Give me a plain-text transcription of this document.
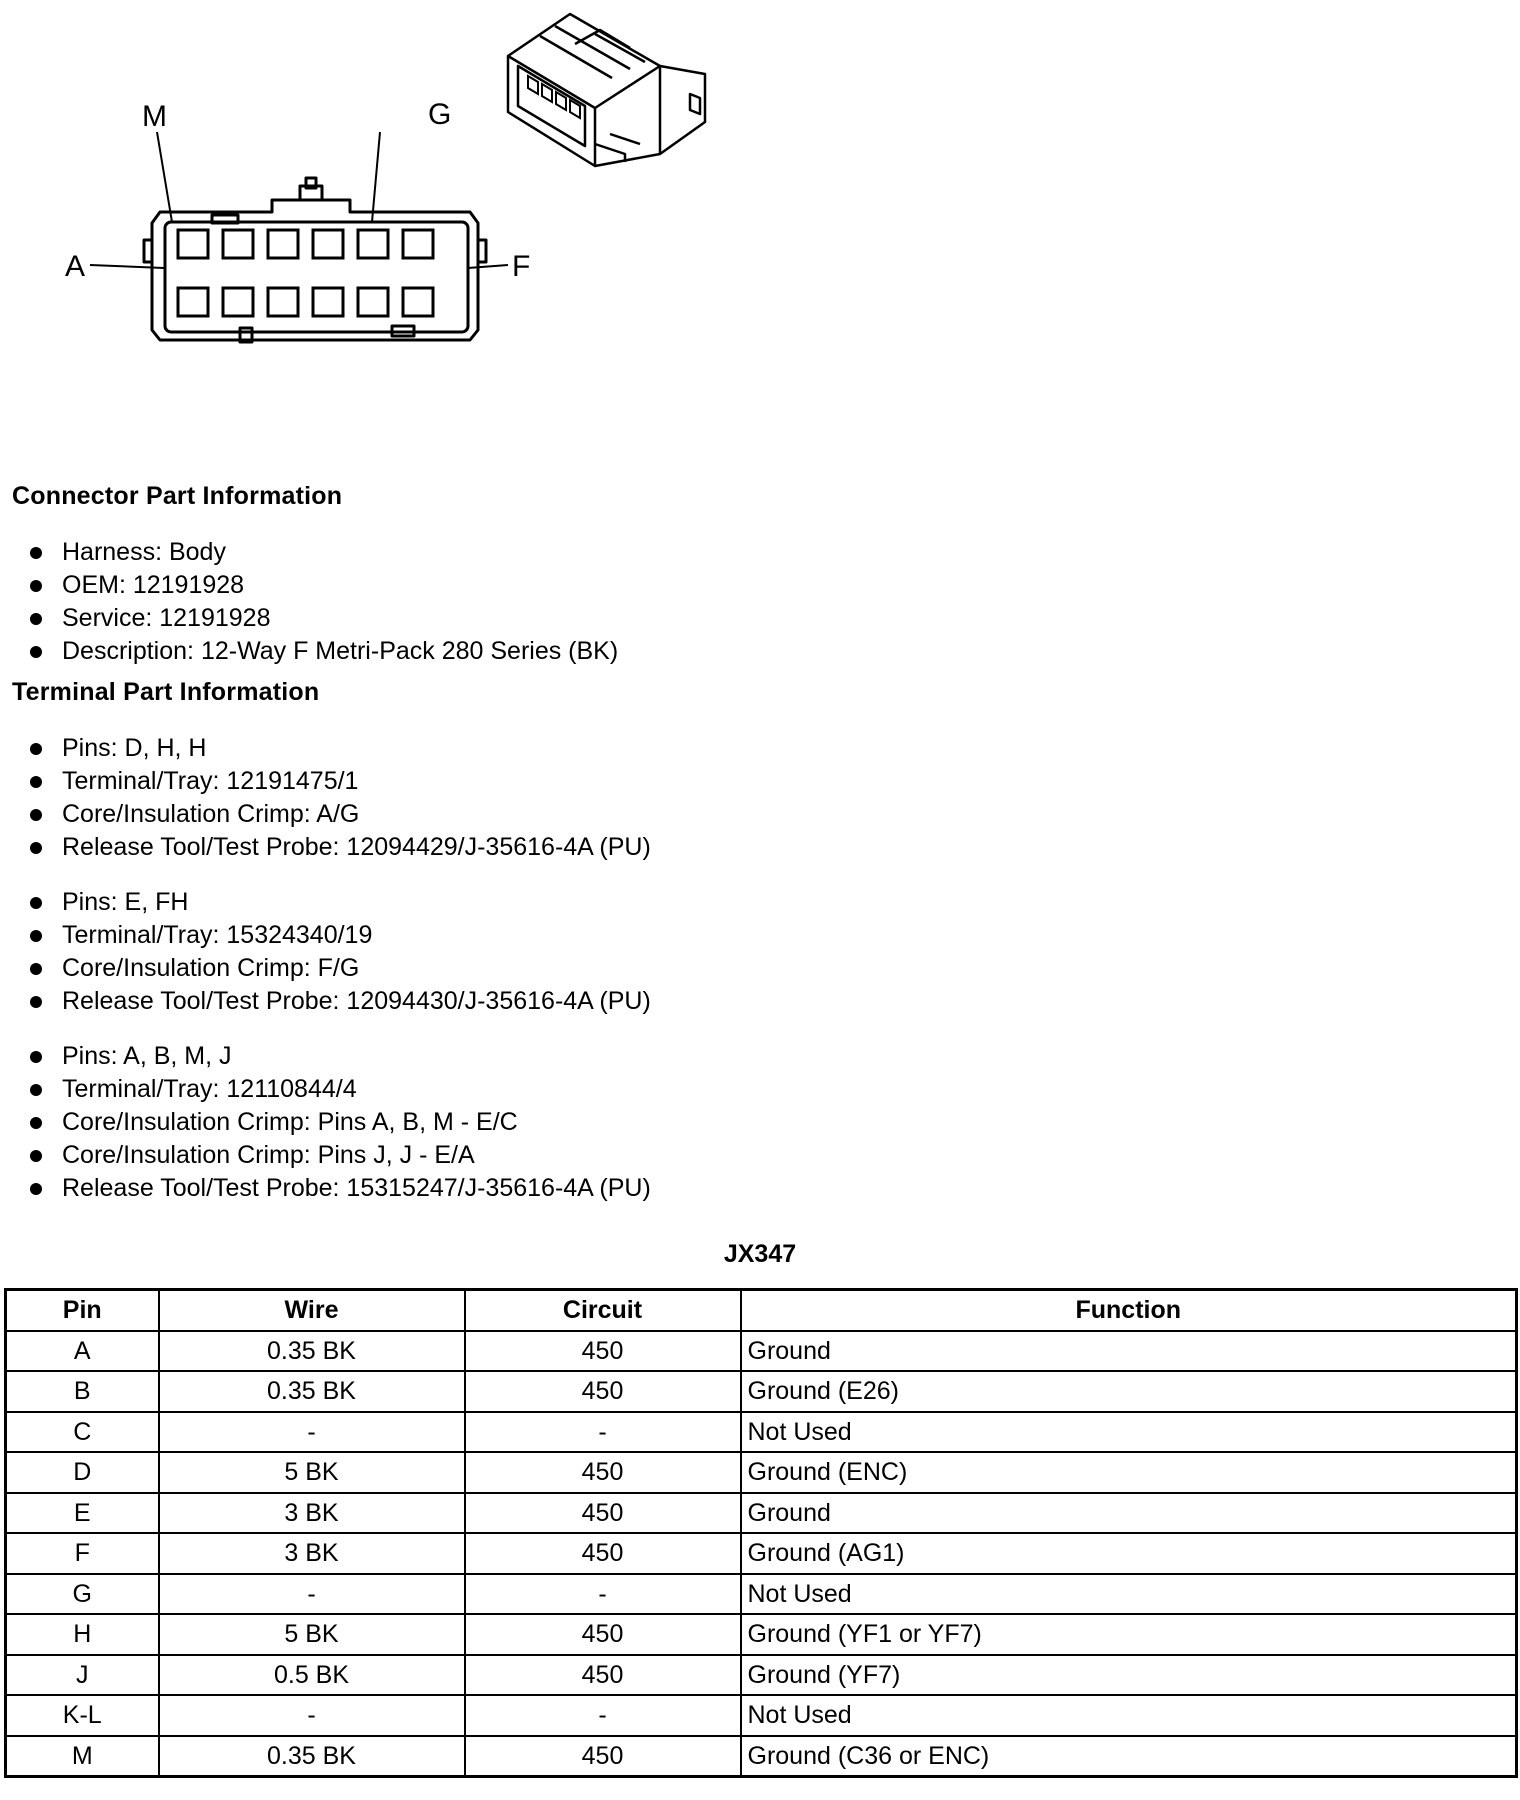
M	G
A	F
Connector Part Information
Harness: Body
OEM: 12191928
Service: 12191928
Description: 12-Way F Metri-Pack 280 Series (BK)
Terminal Part Information
Pins: D, H, H
Terminal/Tray: 12191475/1
Core/Insulation Crimp: A/G
Release Tool/Test Probe: 12094429/J-35616-4A (PU)
Pins: E, FH
Terminal/Tray: 15324340/19
Core/Insulation Crimp: F/G
Release Tool/Test Probe: 12094430/J-35616-4A (PU)
Pins: A, B, M, J
Terminal/Tray: 12110844/4
Core/Insulation Crimp: Pins A, B, M - E/C
Core/Insulation Crimp: Pins J, J - E/A
Release Tool/Test Probe: 15315247/J-35616-4A (PU)
JX347
Pin	Wire	Circuit	Function
A	0.35 BK	450	Ground
B	0.35 BK	450	Ground (E26)
C	-	-	Not Used
D	5 BK	450	Ground (ENC)
E	3 BK	450	Ground
F	3 BK	450	Ground (AG1)
G	-	-	Not Used
H	5 BK	450	Ground (YF1 or YF7)
J	0.5 BK	450	Ground (YF7)
K-L	-	-	Not Used
M	0.35 BK	450	Ground (C36 or ENC)
